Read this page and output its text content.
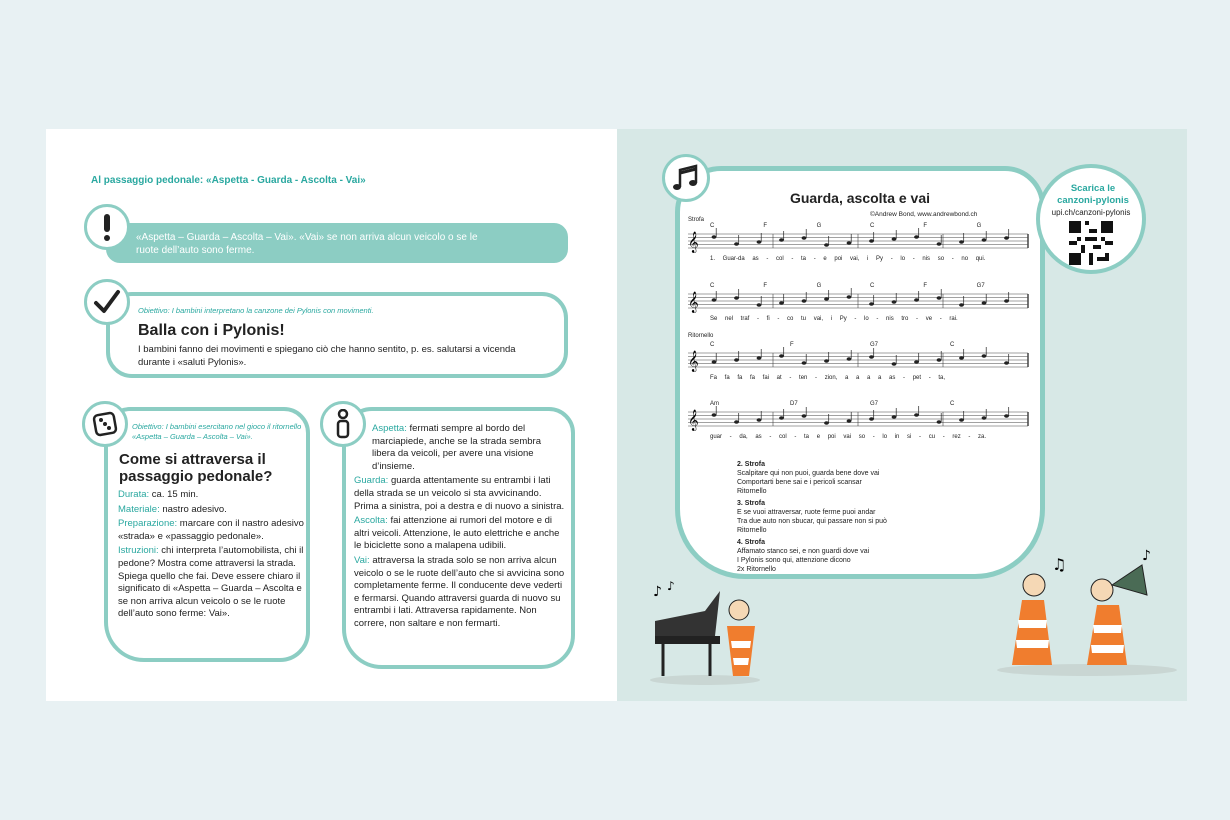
Al passaggio pedonale: «Aspetta - Guarda - Ascolta - Vai»
«Aspetta – Guarda – Ascolta – Vai». «Vai» se non arriva alcun veicolo o se le ruote dell’auto sono ferme.
Obiettivo: I bambini interpretano la canzone dei Pylonis con movimenti.
Balla con i Pylonis!
I bambini fanno dei movimenti e spiegano ciò che hanno sentito, p. es. salutarsi a vicenda durante i «saluti Pylonis».
Obiettivo: I bambini esercitano nel gioco il ritornello «Aspetta – Guarda – Ascolta – Vai».
Come si attraversa il passaggio pedonale?
Durata: ca. 15 min.
Materiale: nastro adesivo.
Preparazione: marcare con il nastro adesivo «strada» e «passaggio pedonale».
Istruzioni: chi interpreta l’automobilista, chi il pedone? Mostra come attraversi la strada. Spiega quello che fai. Deve essere chiaro il significato di «Aspetta – Guarda – Ascolta e se non arriva alcun veicolo o se le ruote dell’auto sono ferme: Vai».
Aspetta: fermati sempre al bordo del marciapiede, anche se la strada sembra libera da veicoli, per avere una visione d’insieme.
Guarda: guarda attentamente su entrambi i lati della strada se un veicolo si sta avvicinando. Prima a sinistra, poi a destra e di nuovo a sinistra.
Ascolta: fai attenzione ai rumori del motore e di altri veicoli. Attenzione, le auto elettriche e anche le biciclette sono a malapena udibili.
Vai: attraversa la strada solo se non arriva alcun veicolo o se le ruote dell’auto che si avvicina sono completamente ferme. Il conducente deve vederti e fermarsi. Quando attraversi guarda di nuovo su entrambi i lati. Attraversa rapidamente. Non correre, non saltare e non fermarti.
Guarda, ascolta e vai
©Andrew Bond, www.andrewbond.ch
Strofa
Ritornello
𝄞
𝄞
𝄞
𝄞
C	F	G	C	F	G
1. Guar-da as - col - ta - e poi vai, i Py - lo - nis so - no qui.
C	F	G	C	F	G7
Se nel traf - fi - co tu vai, i Py - lo - nis tro - ve - rai.
C	F	G7	C
Fa fa fa fa fai at - ten - zion, a a a a as - pet - ta,
Am	D7	G7	C
guar - da, as - col - ta e poi vai so - lo in si - cu - rez - za.
2. Strofa
Scalpitare qui non puoi, guarda bene dove vai
Comportarti bene sai e i pericoli scansar
Ritornello
3. Strofa
E se vuoi attraversar, ruote ferme puoi andar
Tra due auto non sbucar, qui passare non si può
Ritornello
4. Strofa
Affamato stanco sei, e non guardi dove vai
I Pylonis sono qui, attenzione dicono
2x Ritornello
Scarica le canzoni-pylonis
upi.ch/canzoni-pylonis
♪ ♪
♫	♪
